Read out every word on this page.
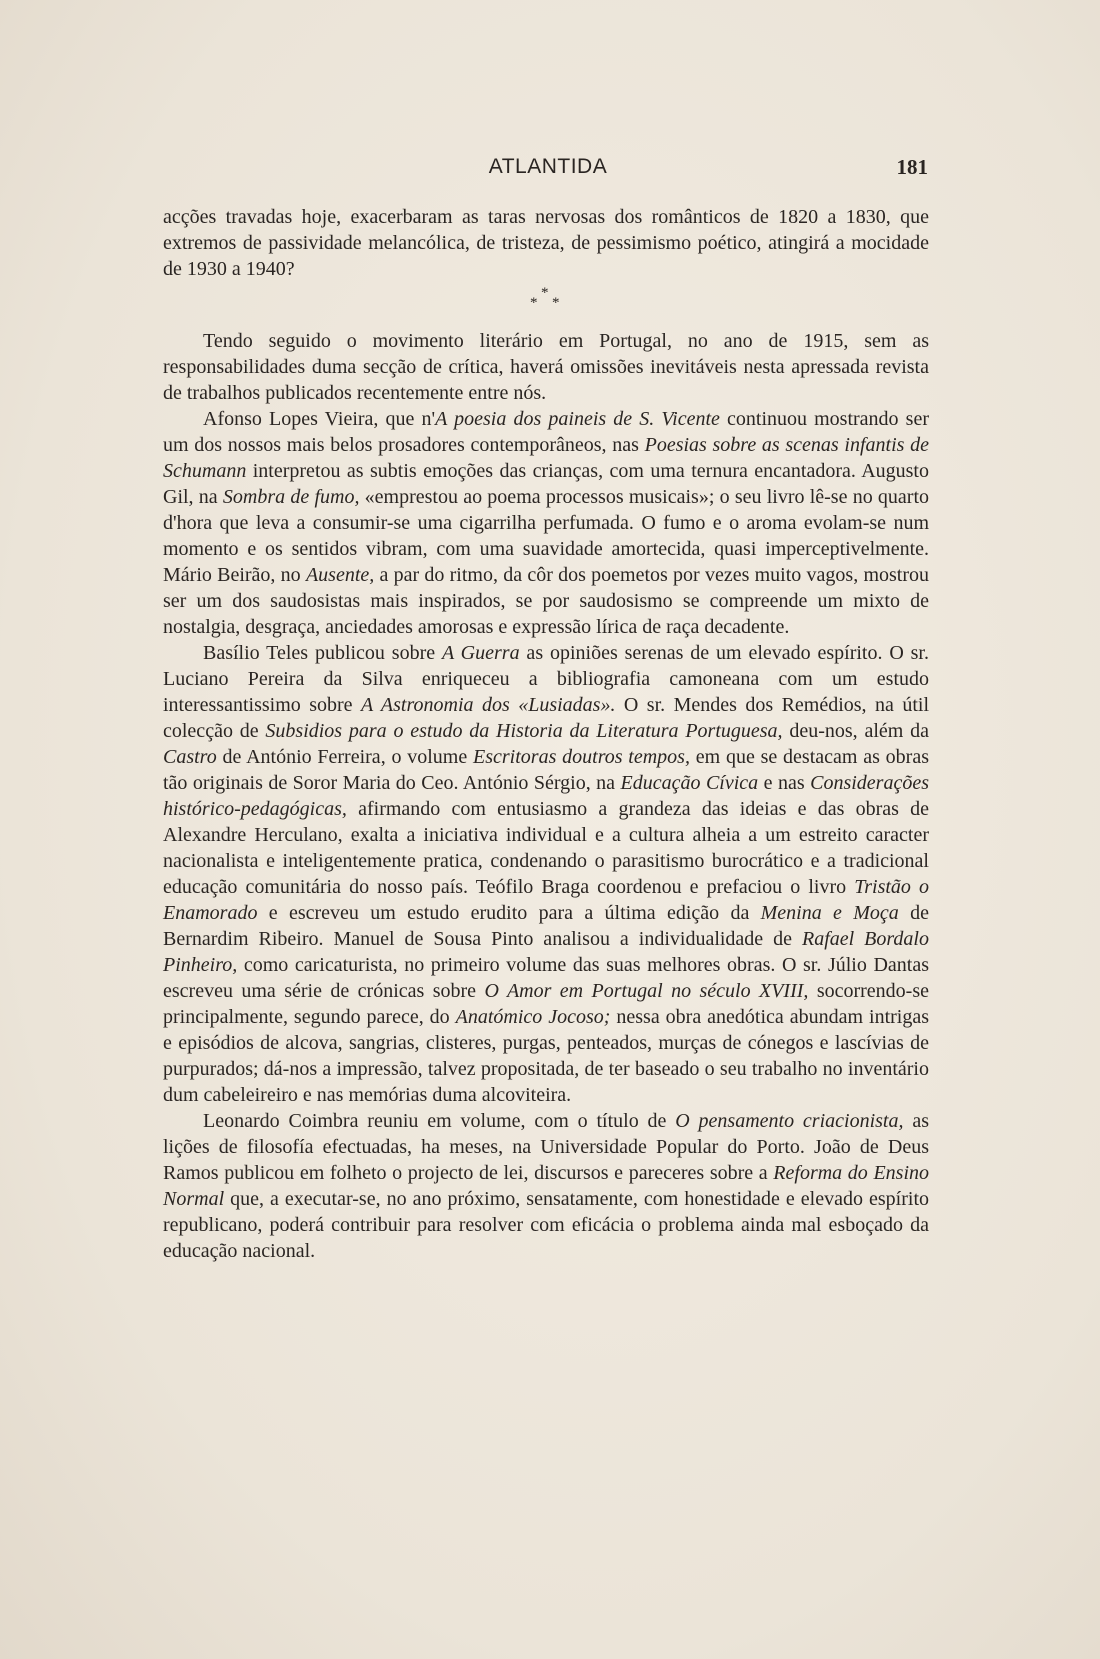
ATLANTIDA	181

acções travadas hoje, exacerbaram as taras nervosas dos românticos de 1820 a 1830, que extremos de passividade melancólica, de tristeza, de pessimismo poético, atingirá a mocidade de 1930 a 1940?

*
* *

Tendo seguido o movimento literário em Portugal, no ano de 1915, sem as responsabilidades duma secção de crítica, haverá omissões inevitáveis nesta apressada revista de trabalhos publicados recentemente entre nós.

Afonso Lopes Vieira, que n'A poesia dos paineis de S. Vicente continuou mostrando ser um dos nossos mais belos prosadores contemporâneos, nas Poesias sobre as scenas infantis de Schumann interpretou as subtis emoções das crianças, com uma ternura encantadora. Augusto Gil, na Sombra de fumo, «emprestou ao poema processos musicais»; o seu livro lê-se no quarto d'hora que leva a consumir-se uma cigarrilha perfumada. O fumo e o aroma evolam-se num momento e os sentidos vibram, com uma suavidade amortecida, quasi imperceptivelmente. Mário Beirão, no Ausente, a par do ritmo, da côr dos poemetos por vezes muito vagos, mostrou ser um dos saudosistas mais inspirados, se por saudosismo se compreende um mixto de nostalgia, desgraça, anciedades amorosas e expressão lírica de raça decadente.

Basílio Teles publicou sobre A Guerra as opiniões serenas de um elevado espírito. O sr. Luciano Pereira da Silva enriqueceu a bibliografia camoneana com um estudo interessantissimo sobre A Astronomia dos «Lusiadas». O sr. Mendes dos Remédios, na útil colecção de Subsidios para o estudo da Historia da Literatura Portuguesa, deu-nos, além da Castro de António Ferreira, o volume Escritoras doutros tempos, em que se destacam as obras tão originais de Soror Maria do Ceo. António Sérgio, na Educação Cívica e nas Considerações histórico-pedagógicas, afirmando com entusiasmo a grandeza das ideias e das obras de Alexandre Herculano, exalta a iniciativa individual e a cultura alheia a um estreito caracter nacionalista e inteligentemente pratica, condenando o parasitismo burocrático e a tradicional educação comunitária do nosso país. Teófilo Braga coordenou e prefaciou o livro Tristão o Enamorado e escreveu um estudo erudito para a última edição da Menina e Moça de Bernardim Ribeiro. Manuel de Sousa Pinto analisou a individualidade de Rafael Bordalo Pinheiro, como caricaturista, no primeiro volume das suas melhores obras. O sr. Júlio Dantas escreveu uma série de crónicas sobre O Amor em Portugal no século XVIII, socorrendo-se principalmente, segundo parece, do Anatómico Jocoso; nessa obra anedótica abundam intrigas e episódios de alcova, sangrias, clisteres, purgas, penteados, murças de cónegos e lascívias de purpurados; dá-nos a impressão, talvez propositada, de ter baseado o seu trabalho no inventário dum cabeleireiro e nas memórias duma alcoviteira.

Leonardo Coimbra reuniu em volume, com o título de O pensamento criacionista, as lições de filosofía efectuadas, ha meses, na Universidade Popular do Porto. João de Deus Ramos publicou em folheto o projecto de lei, discursos e pareceres sobre a Reforma do Ensino Normal que, a executar-se, no ano próximo, sensatamente, com honestidade e elevado espírito republicano, poderá contribuir para resolver com eficácia o problema ainda mal esboçado da educação nacional.
